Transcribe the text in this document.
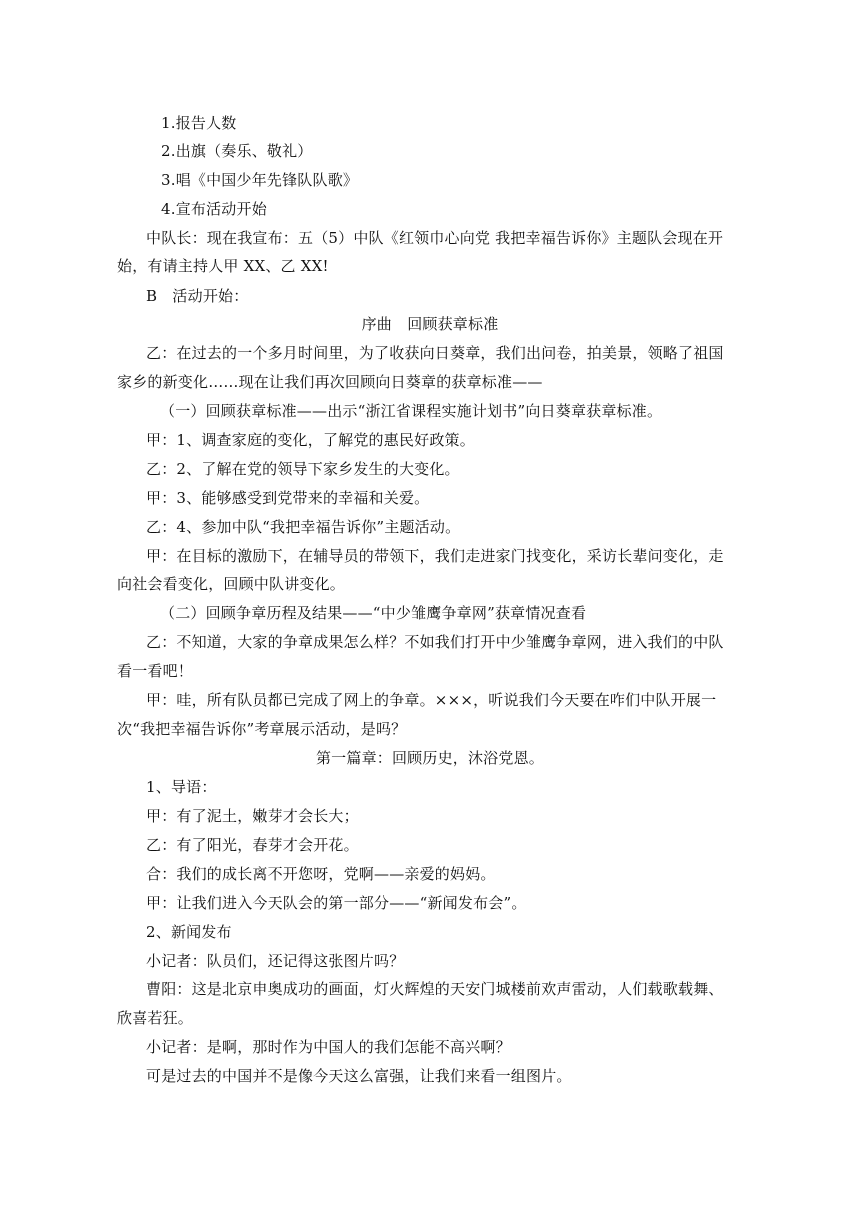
1.报告人数
2.出旗（奏乐、敬礼）
3.唱《中国少年先锋队队歌》
4.宣布活动开始
中队长：现在我宣布：五（5）中队《红领巾心向党 我把幸福告诉你》主题队会现在开
始，有请主持人甲 XX、乙 XX!
B　活动开始：
序曲　回顾获章标准
乙：在过去的一个多月时间里，为了收获向日葵章，我们出问卷，拍美景，领略了祖国
家乡的新变化……现在让我们再次回顾向日葵章的获章标准——
（一）回顾获章标准——出示“浙江省课程实施计划书”向日葵章获章标准。
甲：1、调查家庭的变化，了解党的惠民好政策。
乙：2、了解在党的领导下家乡发生的大变化。
甲：3、能够感受到党带来的幸福和关爱。
乙：4、参加中队“我把幸福告诉你”主题活动。
甲：在目标的激励下，在辅导员的带领下，我们走进家门找变化，采访长辈问变化，走
向社会看变化，回顾中队讲变化。
（二）回顾争章历程及结果——“中少雏鹰争章网”获章情况查看
乙：不知道，大家的争章成果怎么样？不如我们打开中少雏鹰争章网，进入我们的中队
看一看吧！
甲：哇，所有队员都已完成了网上的争章。×××，听说我们今天要在咋们中队开展一
次“我把幸福告诉你”考章展示活动，是吗？
第一篇章：回顾历史，沐浴党恩。
1、导语：
甲：有了泥土，嫩芽才会长大；
乙：有了阳光，春芽才会开花。
合：我们的成长离不开您呀，党啊——亲爱的妈妈。
甲：让我们进入今天队会的第一部分——“新闻发布会”。
2、新闻发布
小记者：队员们，还记得这张图片吗？
曹阳：这是北京申奥成功的画面，灯火辉煌的天安门城楼前欢声雷动，人们载歌载舞、
欣喜若狂。
小记者：是啊，那时作为中国人的我们怎能不高兴啊？
可是过去的中国并不是像今天这么富强，让我们来看一组图片。
